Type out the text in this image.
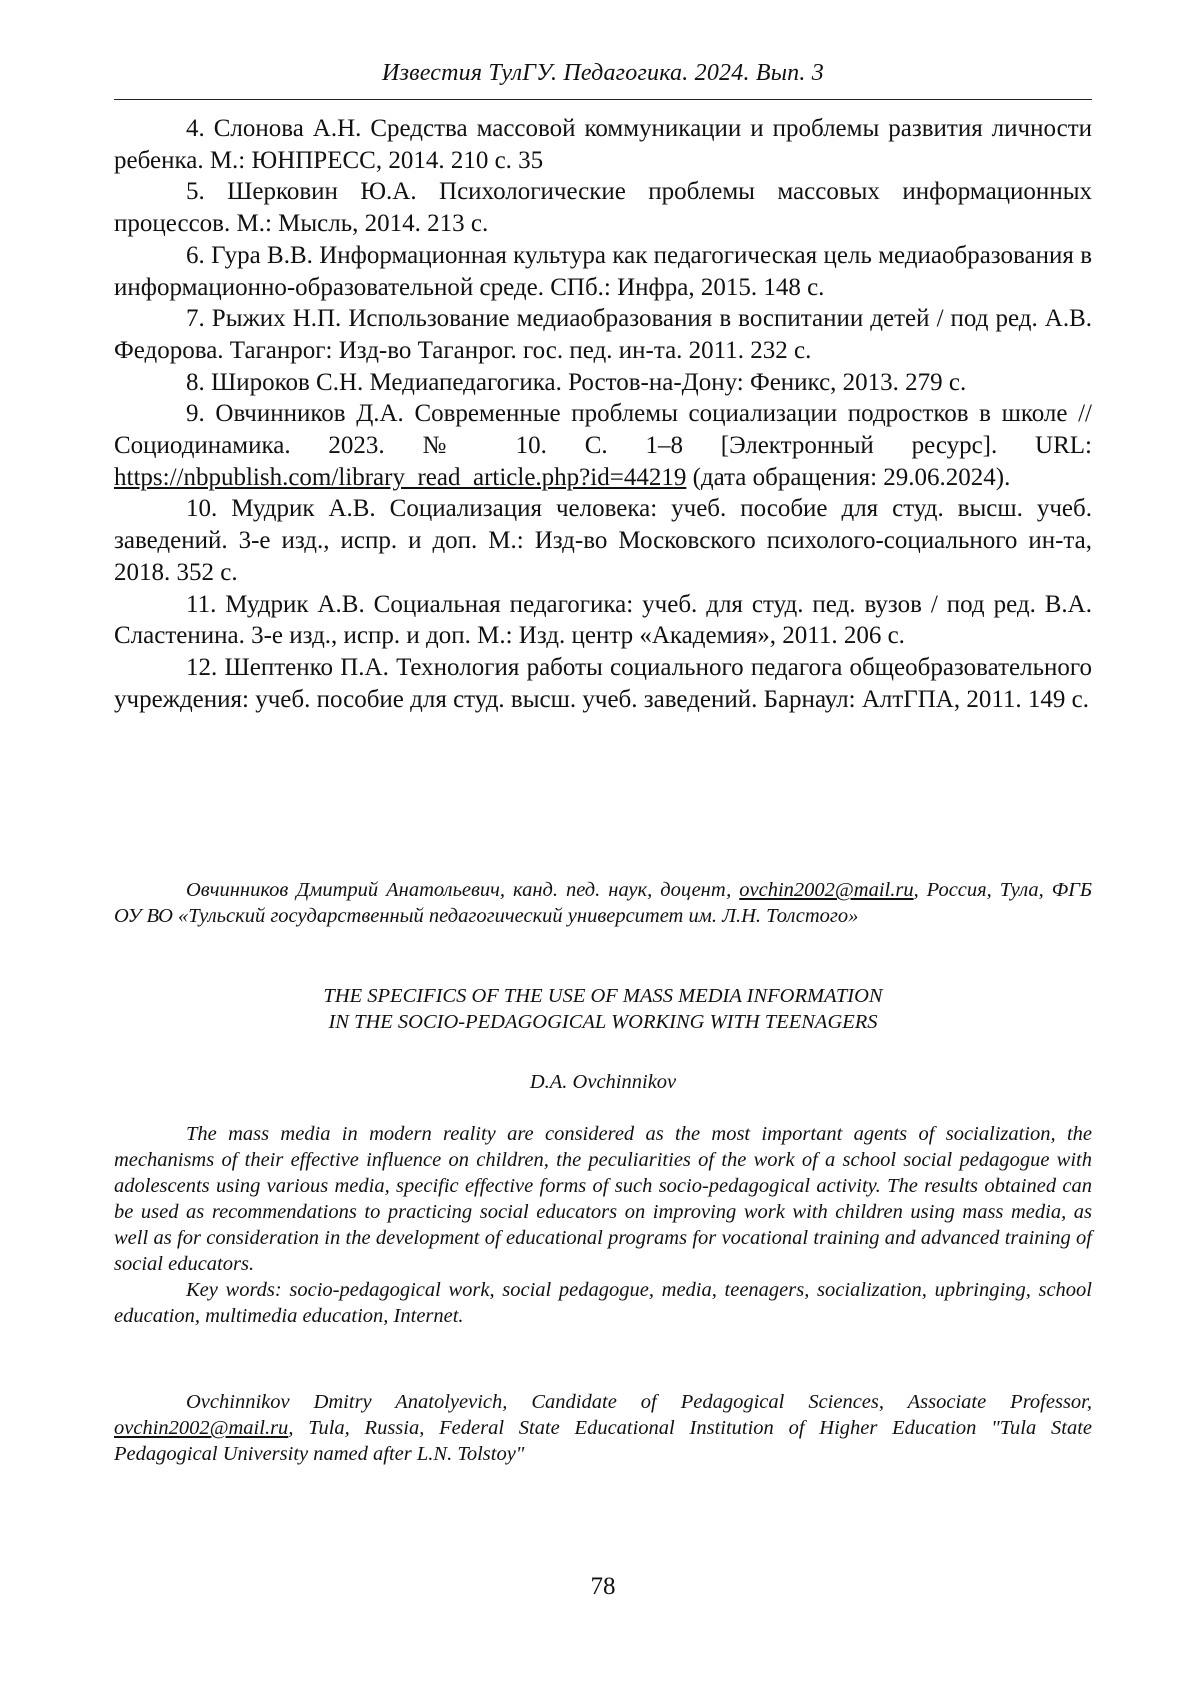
Известия ТулГУ. Педагогика. 2024. Вып. 3

4. Слонова А.Н. Средства массовой коммуникации и проблемы развития личности ребенка. М.: ЮНПРЕСС, 2014. 210 с. 35

5. Шерковин Ю.А. Психологические проблемы массовых информационных процессов. М.: Мысль, 2014. 213 с.

6. Гура В.В. Информационная культура как педагогическая цель медиаобразования в информационно-образовательной среде. СПб.: Инфра, 2015. 148 с.

7. Рыжих Н.П. Использование медиаобразования в воспитании детей / под ред. А.В. Федорова. Таганрог: Изд-во Таганрог. гос. пед. ин-та. 2011. 232 с.

8. Широков С.Н. Медиапедагогика. Ростов-на-Дону: Феникс, 2013. 279 с.

9. Овчинников Д.А. Современные проблемы социализации подростков в школе // Социодинамика. 2023. № 10. С. 1–8 [Электронный ресурс]. URL: https://nbpublish.com/library_read_article.php?id=44219 (дата обращения: 29.06.2024).

10. Мудрик А.В. Социализация человека: учеб. пособие для студ. высш. учеб. заведений. 3-е изд., испр. и доп. М.: Изд-во Московского психолого-социального ин-та, 2018. 352 с.

11. Мудрик А.В. Социальная педагогика: учеб. для студ. пед. вузов / под ред. В.А. Сластенина. 3-е изд., испр. и доп. М.: Изд. центр «Академия», 2011. 206 с.

12. Шептенко П.А. Технология работы социального педагога общеобразовательного учреждения: учеб. пособие для студ. высш. учеб. заведений. Барнаул: АлтГПА, 2011. 149 с.

Овчинников Дмитрий Анатольевич, канд. пед. наук, доцент, ovchin2002@mail.ru, Россия, Тула, ФГБ ОУ ВО «Тульский государственный педагогический университет им. Л.Н. Толстого»

THE SPECIFICS OF THE USE OF MASS MEDIA INFORMATION
IN THE SOCIO-PEDAGOGICAL WORKING WITH TEENAGERS

D.A. Ovchinnikov

The mass media in modern reality are considered as the most important agents of socialization, the mechanisms of their effective influence on children, the peculiarities of the work of a school social pedagogue with adolescents using various media, specific effective forms of such socio-pedagogical activity. The results obtained can be used as recommendations to practicing social educators on improving work with children using mass media, as well as for consideration in the development of educational programs for vocational training and advanced training of social educators.

Key words: socio-pedagogical work, social pedagogue, media, teenagers, socialization, upbringing, school education, multimedia education, Internet.

Ovchinnikov Dmitry Anatolyevich, Candidate of Pedagogical Sciences, Associate Professor, ovchin2002@mail.ru, Tula, Russia, Federal State Educational Institution of Higher Education "Tula State Pedagogical University named after L.N. Tolstoy"

78
